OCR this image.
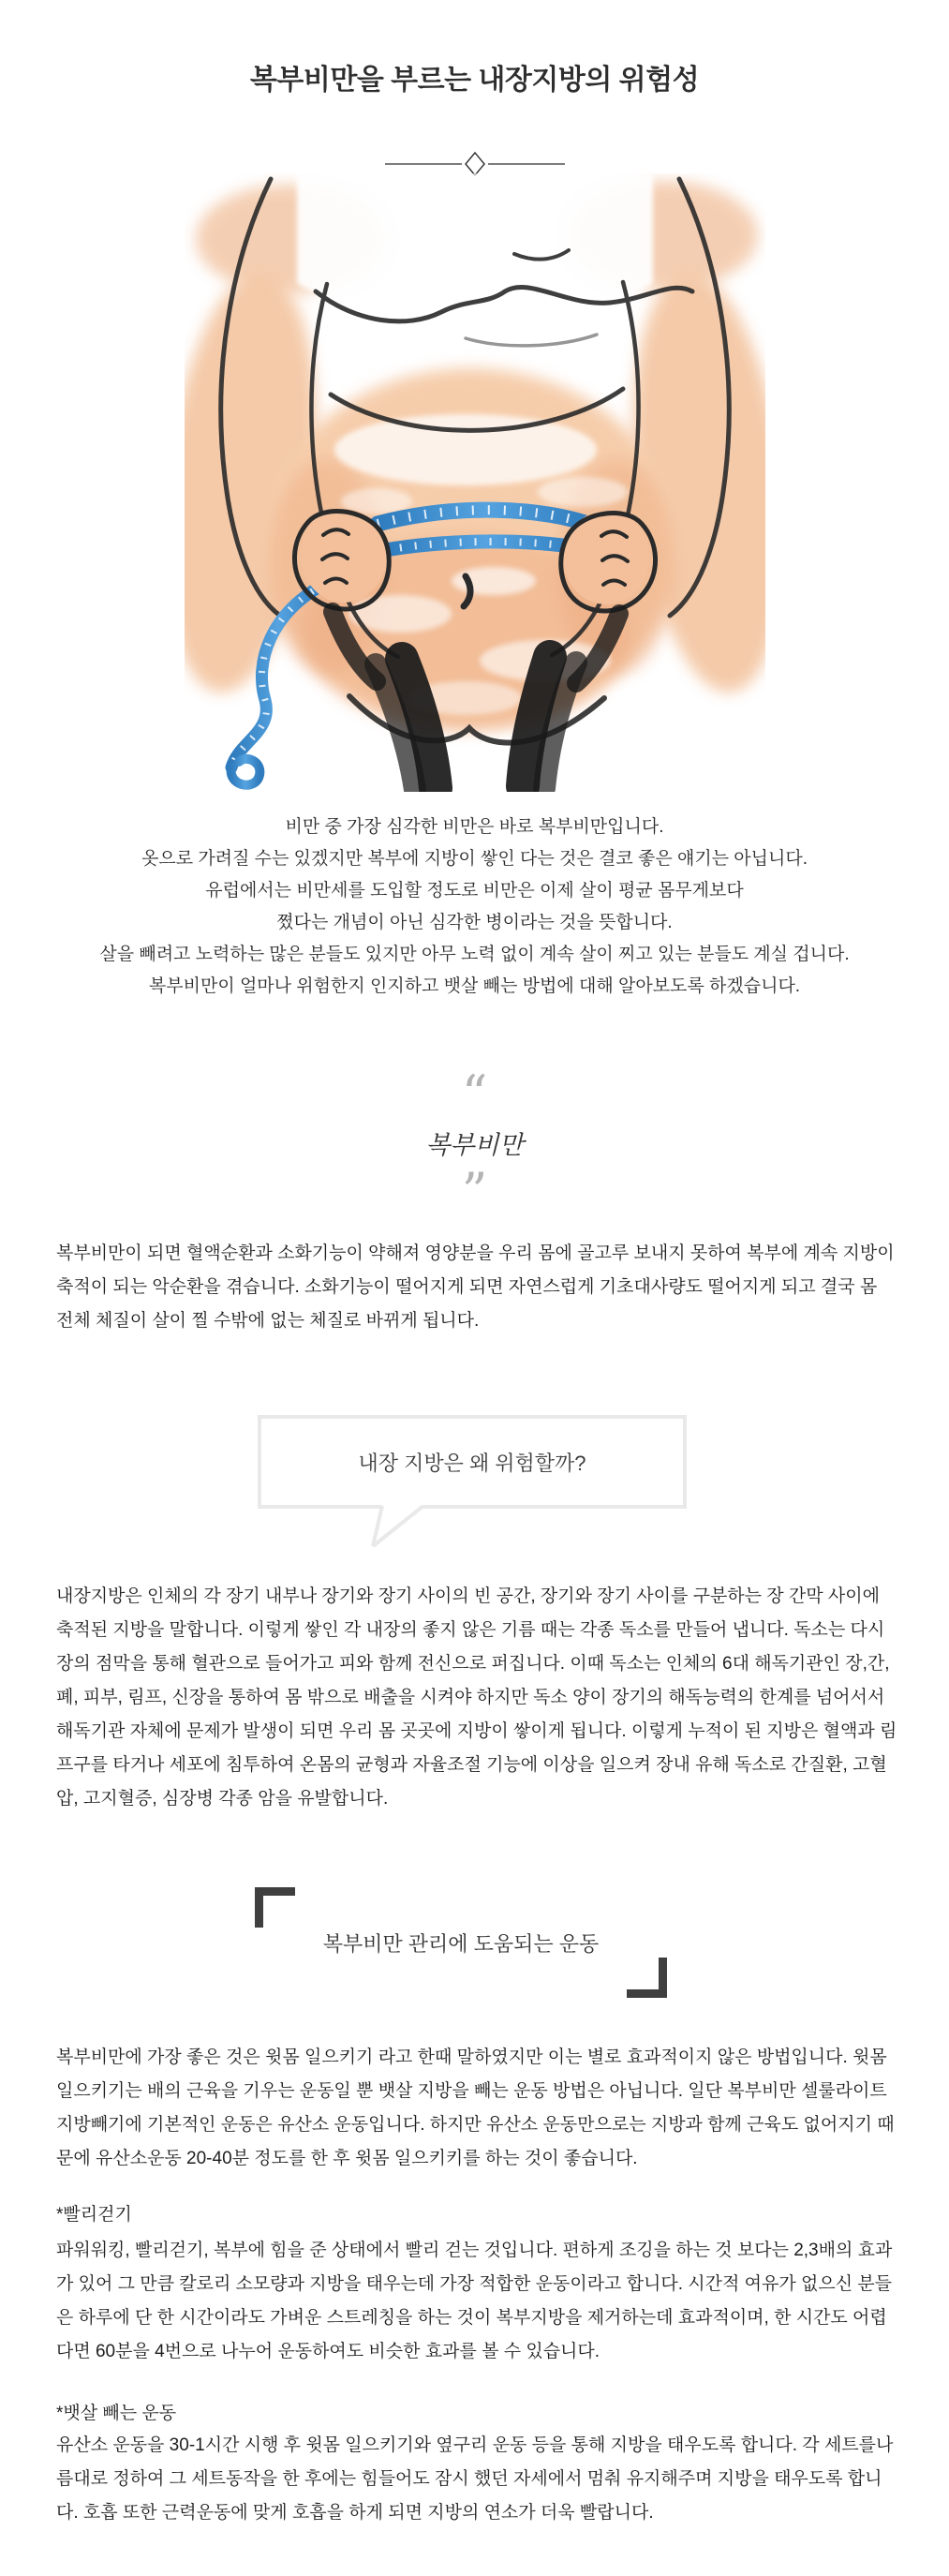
복부비만을 부르는 내장지방의 위험성
비만 중 가장 심각한 비만은 바로 복부비만입니다.
옷으로 가려질 수는 있겠지만 복부에 지방이 쌓인 다는 것은 결코 좋은 얘기는 아닙니다.
유럽에서는 비만세를 도입할 정도로 비만은 이제 살이 평균 몸무게보다
쪘다는 개념이 아닌 심각한 병이라는 것을 뜻합니다.
살을 빼려고 노력하는 많은 분들도 있지만 아무 노력 없이 계속 살이 찌고 있는 분들도 계실 겁니다.
복부비만이 얼마나 위험한지 인지하고 뱃살 빼는 방법에 대해 알아보도록 하겠습니다.
“
복부비만
”

복부비만이 되면 혈액순환과 소화기능이 약해져 영양분을 우리 몸에 골고루 보내지 못하여 복부에 계속 지방이 축적이 되는 악순환을 겪습니다. 소화기능이 떨어지게 되면 자연스럽게 기초대사량도 떨어지게 되고 결국 몸 전체 체질이 살이 찔 수밖에 없는 체질로 바뀌게 됩니다.

내장 지방은 왜 위험할까?

내장지방은 인체의 각 장기 내부나 장기와 장기 사이의 빈 공간, 장기와 장기 사이를 구분하는 장 간막 사이에 축적된 지방을 말합니다. 이렇게 쌓인 각 내장의 좋지 않은 기름 때는 각종 독소를 만들어 냅니다. 독소는 다시 장의 점막을 통해 혈관으로 들어가고 피와 함께 전신으로 퍼집니다. 이때 독소는 인체의 6대 해독기관인 장,간, 폐, 피부, 림프, 신장을 통하여 몸 밖으로 배출을 시켜야 하지만 독소 양이 장기의 해독능력의 한계를 넘어서서 해독기관 자체에 문제가 발생이 되면 우리 몸 곳곳에 지방이 쌓이게 됩니다. 이렇게 누적이 된 지방은 혈액과 림프구를 타거나 세포에 침투하여 온몸의 균형과 자율조절 기능에 이상을 일으켜 장내 유해 독소로 간질환, 고혈압, 고지혈증, 심장병 각종 암을 유발합니다.

복부비만 관리에 도움되는 운동

복부비만에 가장 좋은 것은 윗몸 일으키기 라고 한때 말하였지만 이는 별로 효과적이지 않은 방법입니다. 윗몸 일으키기는 배의 근육을 기우는 운동일 뿐 뱃살 지방을 빼는 운동 방법은 아닙니다. 일단 복부비만 셀룰라이트 지방빼기에 기본적인 운동은 유산소 운동입니다. 하지만 유산소 운동만으로는 지방과 함께 근육도 없어지기 때문에 유산소운동 20-40분 정도를 한 후 윗몸 일으키키를 하는 것이 좋습니다.

*빨리걷기

파워워킹, 빨리걷기, 복부에 힘을 준 상태에서 빨리 걷는 것입니다. 편하게 조깅을 하는 것 보다는 2,3배의 효과가 있어 그 만큼 칼로리 소모량과 지방을 태우는데 가장 적합한 운동이라고 합니다. 시간적 여유가 없으신 분들은 하루에 단 한 시간이라도 가벼운 스트레칭을 하는 것이 복부지방을 제거하는데 효과적이며, 한 시간도 어렵다면 60분을 4번으로 나누어 운동하여도 비슷한 효과를 볼 수 있습니다.

*뱃살 빼는 운동

유산소 운동을 30-1시간 시행 후 윗몸 일으키기와 옆구리 운동 등을 통해 지방을 태우도록 합니다. 각 세트를나름대로 정하여 그 세트동작을 한 후에는 힘들어도 잠시 했던 자세에서 멈춰 유지해주며 지방을 태우도록 합니다. 호흡 또한 근력운동에 맞게 호흡을 하게 되면 지방의 연소가 더욱 빨랍니다.
